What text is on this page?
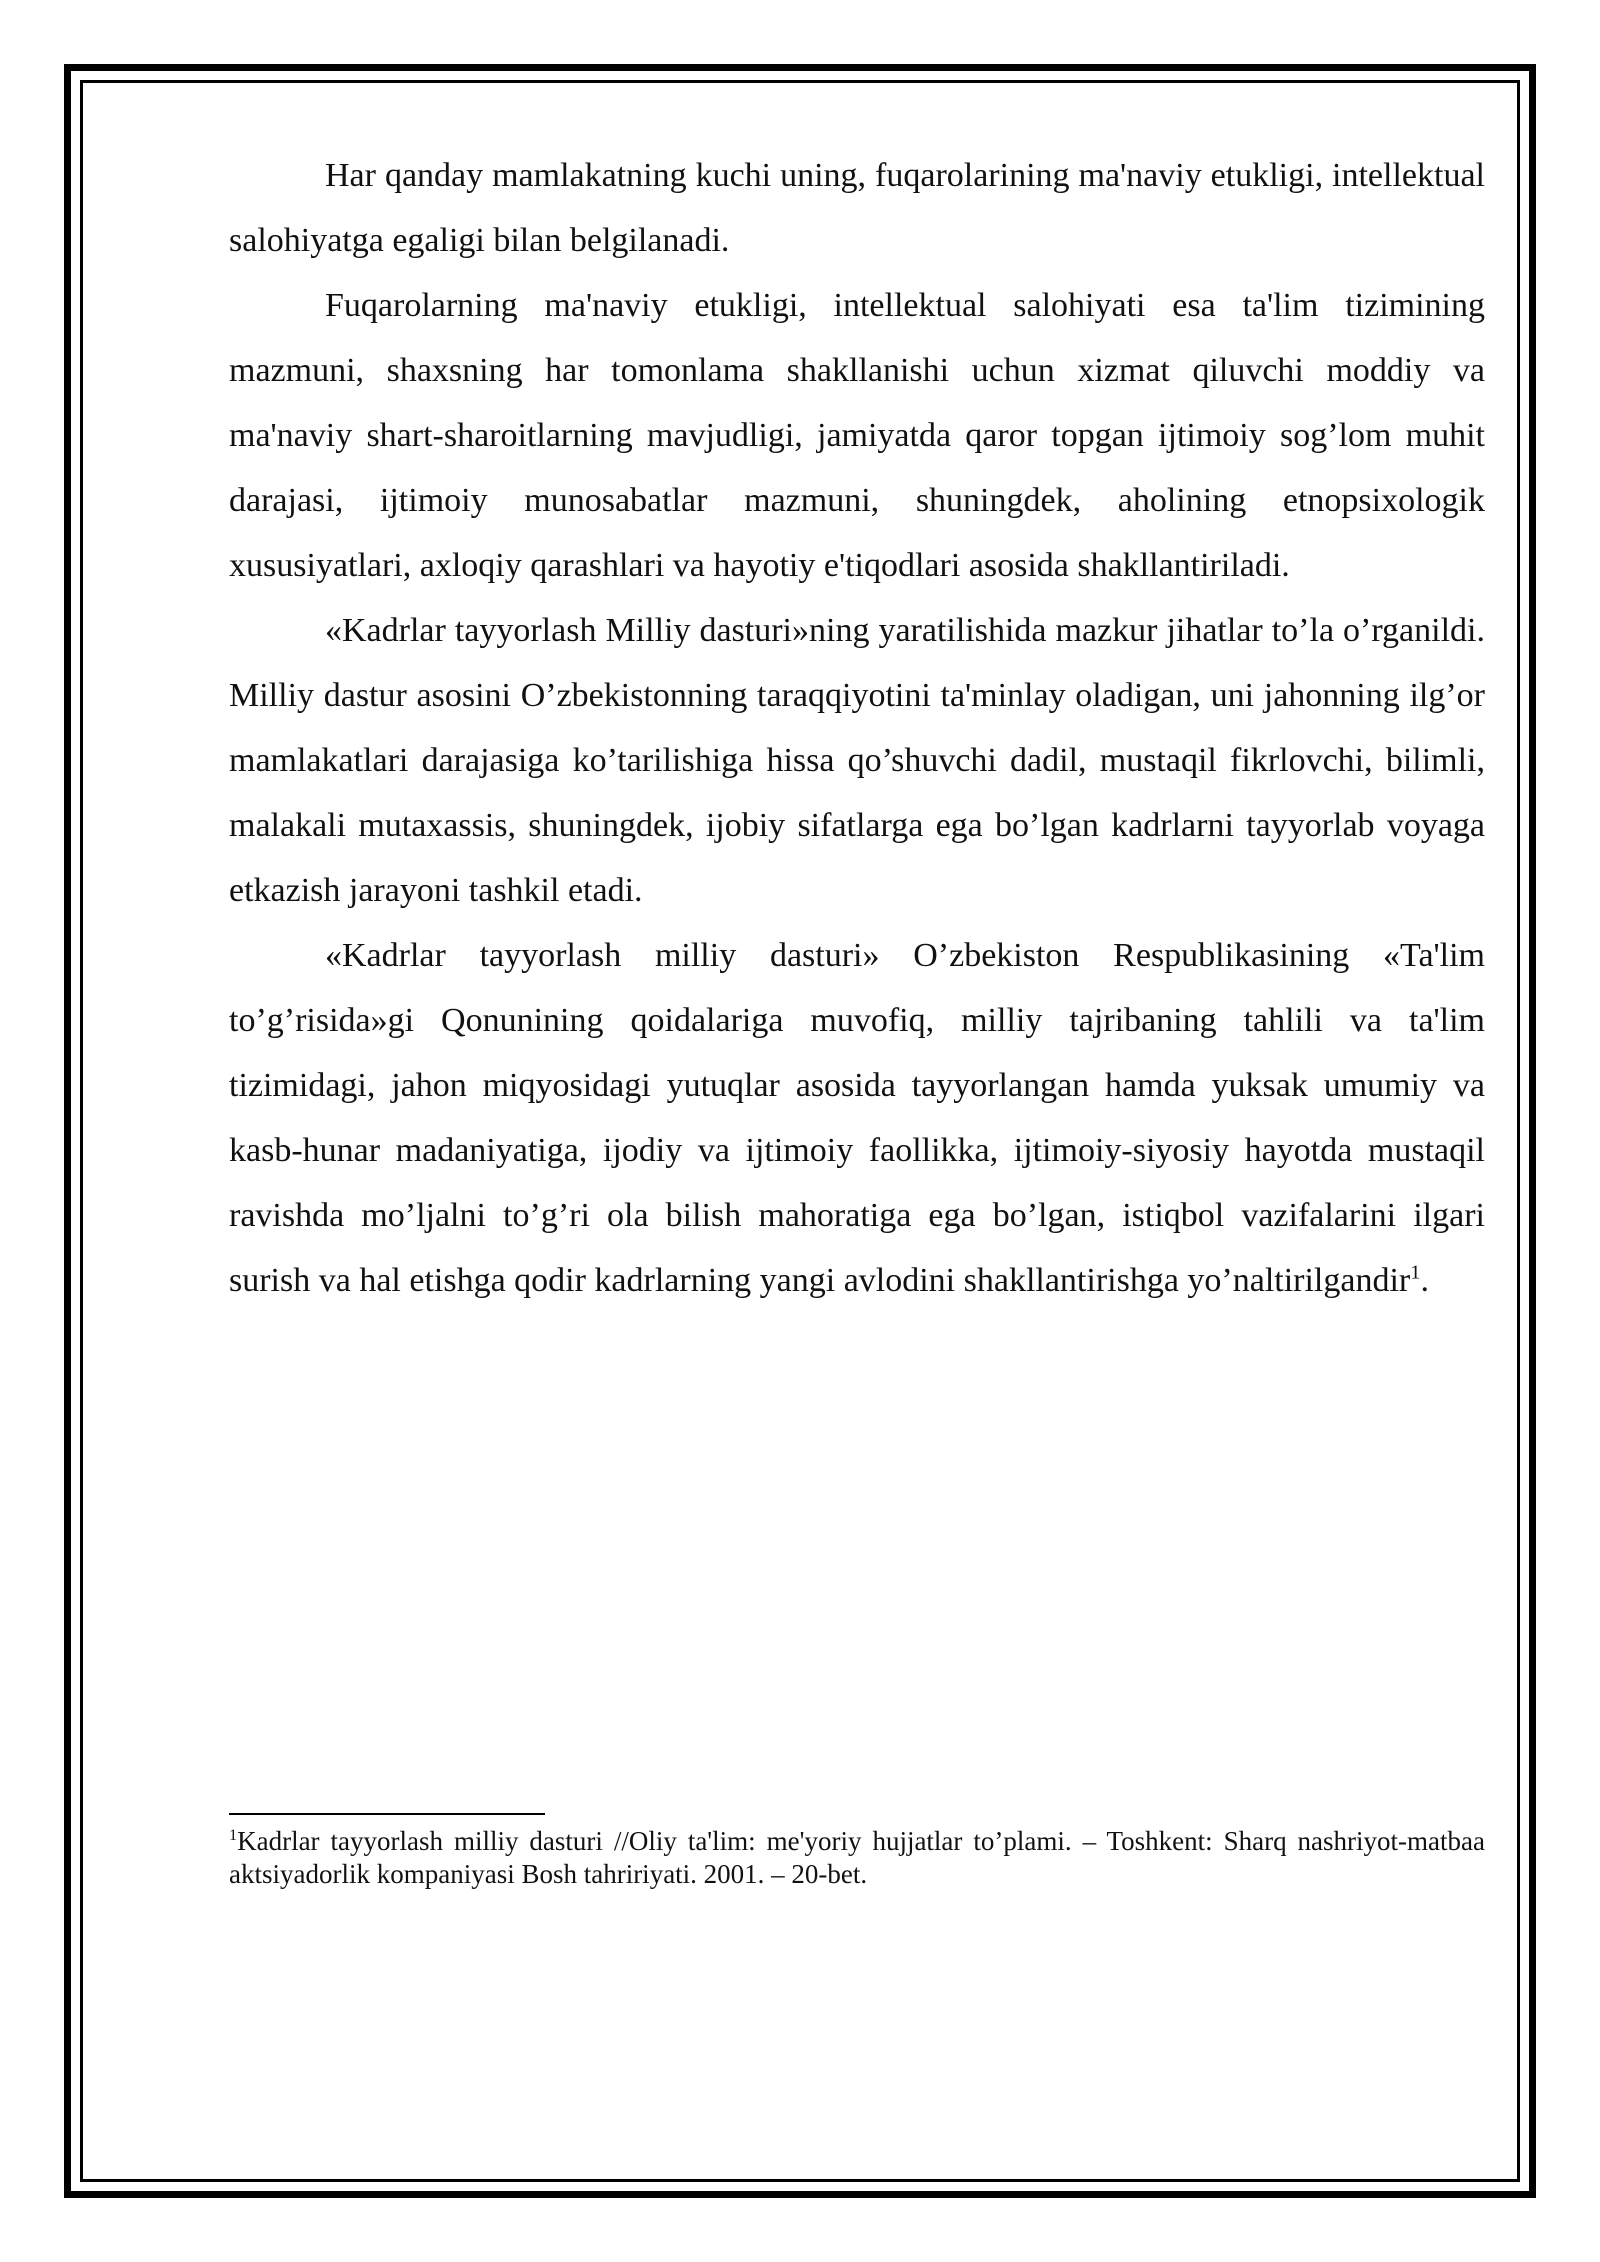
Har qanday mamlakatning kuchi uning, fuqarolarining ma'naviy etukligi, intellektual salohiyatga egaligi bilan belgilanadi.

Fuqarolarning ma'naviy etukligi, intellektual salohiyati esa ta'lim tizimining mazmuni, shaxsning har tomonlama shakllanishi uchun xizmat qiluvchi moddiy va ma'naviy shart-sharoitlarning mavjudligi, jamiyatda qaror topgan ijtimoiy sog’lom muhit darajasi, ijtimoiy munosabatlar mazmuni, shuningdek, aholining etnopsixologik xususiyatlari, axloqiy qarashlari va hayotiy e'tiqodlari asosida shakllantiriladi.

«Kadrlar tayyorlash Milliy dasturi»ning yaratilishida mazkur jihatlar to’la o’rganildi. Milliy dastur asosini O’zbekistonning taraqqiyotini ta'minlay oladigan, uni jahonning ilg’or mamlakatlari darajasiga ko’tarilishiga hissa qo’shuvchi dadil, mustaqil fikrlovchi, bilimli, malakali mutaxassis, shuningdek, ijobiy sifatlarga ega bo’lgan kadrlarni tayyorlab voyaga etkazish jarayoni tashkil etadi.

«Kadrlar tayyorlash milliy dasturi» O’zbekiston Respublikasining «Ta'lim to’g’risida»gi Qonunining qoidalariga muvofiq, milliy tajribaning tahlili va ta'lim tizimidagi, jahon miqyosidagi yutuqlar asosida tayyorlangan hamda yuksak umumiy va kasb-hunar madaniyatiga, ijodiy va ijtimoiy faollikka, ijtimoiy-siyosiy hayotda mustaqil ravishda mo’ljalni to’g’ri ola bilish mahoratiga ega bo’lgan, istiqbol vazifalarini ilgari surish va hal etishga qodir kadrlarning yangi avlodini shakllantirishga yo’naltirilgandir$^1$.

$^1$Kadrlar tayyorlash milliy dasturi //Oliy ta'lim: me'yoriy hujjatlar to’plami. – Toshkent: Sharq nashriyot-matbaa aktsiyadorlik kompaniyasi Bosh tahririyati. 2001. – 20-bet.
